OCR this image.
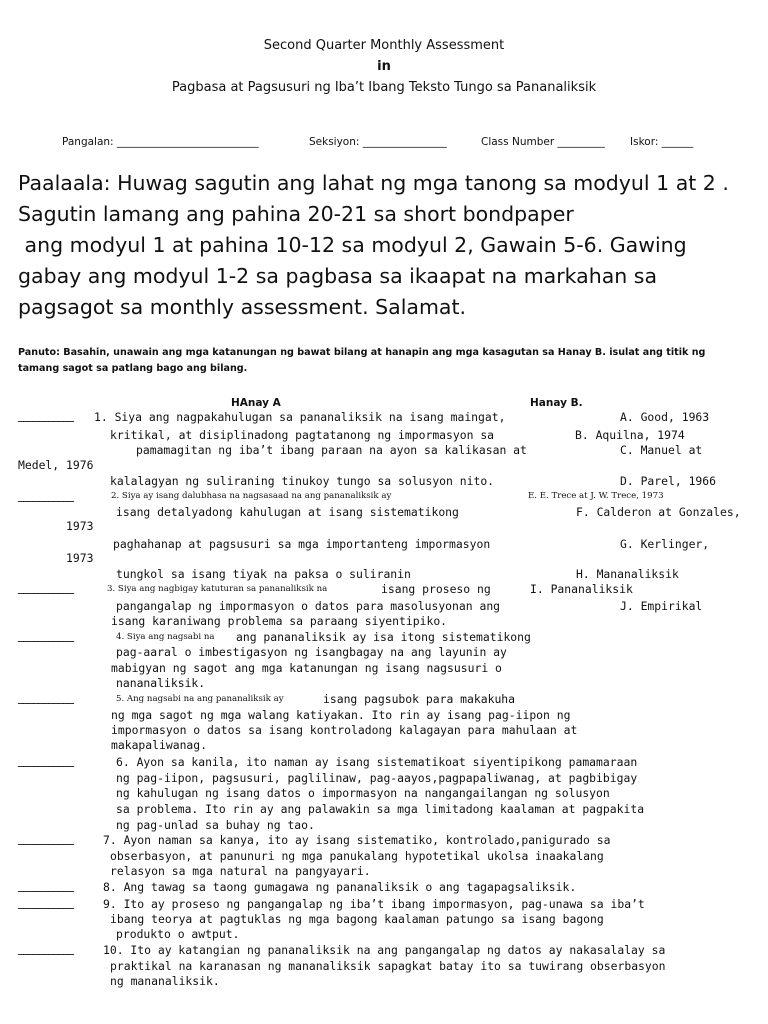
Second Quarter Monthly Assessment
in
Pagbasa at Pagsusuri ng Iba’t Ibang Teksto Tungo sa Pananaliksik
Pangalan: ___________________________	Seksiyon: ________________	Class Number _________ Iskor: ______
Paalaala: Huwag sagutin ang lahat ng mga tanong sa modyul 1 at 2 .
Sagutin lamang ang pahina 20-21 sa short bondpaper
ang modyul 1 at pahina 10-12 sa modyul 2, Gawain 5-6. Gawing
gabay ang modyul 1-2 sa pagbasa sa ikaapat na markahan sa
pagsagot sa monthly assessment. Salamat.
Panuto: Basahin, unawain ang mga katanungan ng bawat bilang at hanapin ang mga kasagutan sa Hanay B. isulat ang titik ng
tamang sagot sa patlang bago ang bilang.
HAnay A	Hanay B.
___________ 1. Siya ang nagpakahulugan sa pananaliksik na isang maingat,	A. Good, 1963
kritikal, at disiplinadong pagtatanong ng impormasyon sa	B. Aquilna, 1974
pamamagitan ng iba’t ibang paraan na ayon sa kalikasan at	C. Manuel at
Medel, 1976
kalalagyan ng suliraning tinukoy tungo sa solusyon nito.	D. Parel, 1966
___________	2. Siya ay isang dalubhasa na nagsasaad na ang pananaliksik ay	E. E. Trece at J. W. Trece, 1973
isang detalyadong kahulugan at isang sistematikong	F. Calderon at Gonzales,
1973
paghahanap at pagsusuri sa mga importanteng impormasyon	G. Kerlinger,
1973
tungkol sa isang tiyak na paksa o suliranin	H. Mananaliksik
___________	3. Siya ang nagbigay katuturan sa pananaliksik na	isang proseso ng	I. Pananaliksik
pangangalap ng impormasyon o datos para masolusyonan ang	J. Empirikal
isang karaniwang problema sa paraang siyentipiko.
___________	4. Siya ang nagsabi na ang pananaliksik ay isa itong sistematikong
pag-aaral o imbestigasyon ng isangbagay na ang layunin ay
mabigyan ng sagot ang mga katanungan ng isang nagsusuri o
nananaliksik.
___________	5. Ang nagsabi na ang pananaliksik ay	isang pagsubok para makakuha
ng mga sagot ng mga walang katiyakan. Ito rin ay isang pag-iipon ng
impormasyon o datos sa isang kontroladong kalagayan para mahulaan at
makapaliwanag.
___________	6. Ayon sa kanila, ito naman ay isang sistematikoat siyentipikong pamamaraan
ng pag-iipon, pagsusuri, paglilinaw, pag-aayos,pagpapaliwanag, at pagbibigay
ng kahulugan ng isang datos o impormasyon na nangangailangan ng solusyon
sa problema. Ito rin ay ang palawakin sa mga limitadong kaalaman at pagpakita
ng pag-unlad sa buhay ng tao.
___________	7. Ayon naman sa kanya, ito ay isang sistematiko, kontrolado,panigurado sa
obserbasyon, at panunuri ng mga panukalang hypotetikal ukolsa inaakalang
relasyon sa mga natural na pangyayari.
___________	8. Ang tawag sa taong gumagawa ng pananaliksik o ang tagapagsaliksik.
___________	9. Ito ay proseso ng pangangalap ng iba’t ibang impormasyon, pag-unawa sa iba’t
ibang teorya at pagtuklas ng mga bagong kaalaman patungo sa isang bagong
produkto o awtput.
___________	10. Ito ay katangian ng pananaliksik na ang pangangalap ng datos ay nakasalalay sa
praktikal na karanasan ng mananaliksik sapagkat batay ito sa tuwirang obserbasyon
ng mananaliksik.
